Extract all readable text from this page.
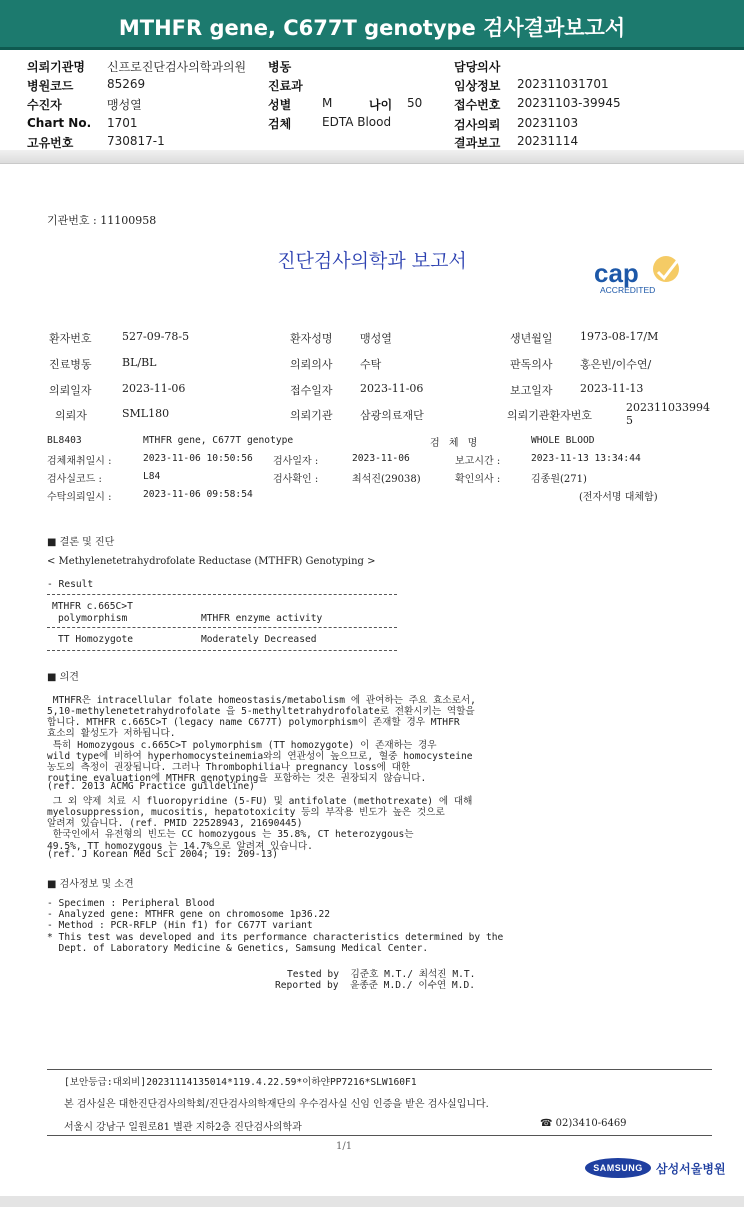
MTHFR gene, C677T genotype 검사결과보고서
의뢰기관명 신프로진단검사의학과의원
병원코드	85269
수진자	맹성열
Chart No. 1701
고유번호	730817-1
병동
진료과
성별	M	나이 50
검체	EDTA Blood
담당의사
임상정보 202311031701
접수번호 20231103-39945
검사의뢰 20231103
결과보고 20231114
기관번호 : 11100958
진단검사의학과 보고서	cap
ACCREDITED
환자번호	527-09-78-5	환자성명 맹성열	생년월일 1973-08-17/M
진료병동	BL/BL	의뢰의사 수탁	판독의사 홍은빈/이수연/
의뢰일자	2023-11-06	접수일자 2023-11-06	보고일자 2023-11-13
의뢰자	SML180	의뢰기관 삼광의료재단	의뢰기관환자번호
202311033994
5
BL8403	MTHFR gene, C677T genotype	검 체 명	WHOLE BLOOD
검체채취일시 :	2023-11-06 10:50:56 검사일자 :	2023-11-06	보고시간 :	2023-11-13 13:34:44
검사실코드 :	L84	검사확인 :	최석진(29038)	확인의사 :	김종원(271)
수탁의뢰일시 :	2023-11-06 09:58:54	(전자서명 대체함)
■ 결론 및 진단
< Methylenetetrahydrofolate Reductase (MTHFR) Genotyping >
- Result
MTHFR c.665C>T
polymorphism	MTHFR enzyme activity
TT Homozygote	Moderately Decreased
■ 의견
MTHFR은 intracellular folate homeostasis/metabolism 에 관여하는 주요 효소로서,
5,10-methylenetetrahydrofolate 을 5-methyltetrahydrofolate로 전환시키는 역할을
합니다. MTHFR c.665C>T (legacy name C677T) polymorphism이 존재할 경우 MTHFR
효소의 활성도가 저하됩니다.
특히 Homozygous c.665C>T polymorphism (TT homozygote) 이 존재하는 경우
wild type에 비하여 hyperhomocysteinemia와의 연관성이 높으므로, 혈중 homocysteine
농도의 측정이 권장됩니다. 그러나 Thrombophilia나 pregnancy loss에 대한
routine evaluation에 MTHFR genotyping을 포함하는 것은 권장되지 않습니다.
(ref. 2013 ACMG Practice guildeline)
그 외 약제 치료 시 fluoropyridine (5-FU) 및 antifolate (methotrexate) 에 대해
myelosuppression, mucositis, hepatotoxicity 등의 부작용 빈도가 높은 것으로
알려져 있습니다. (ref. PMID 22528943, 21690445)
한국인에서 유전형의 빈도는 CC homozygous 는 35.8%, CT heterozygous는
49.5%, TT homozygous 는 14.7%으로 알려져 있습니다.
(ref. J Korean Med Sci 2004; 19: 209-13)
■ 검사정보 및 소견
- Specimen : Peripheral Blood
- Analyzed gene: MTHFR gene on chromosome 1p36.22
- Method : PCR-RFLP (Hin f1) for C677T variant
* This test was developed and its performance characteristics determined by the
Dept. of Laboratory Medicine & Genetics, Samsung Medical Center.
Tested by  김준호 M.T./ 최석진 M.T.
Reported by  윤종준 M.D./ 이수연 M.D.
[보안등급:대외비]20231114135014*119.4.22.59*이하얀PP7216*SLW160F1
본 검사실은 대한진단검사의학회/진단검사의학재단의 우수검사실 신임 인증을 받은 검사실입니다.
서울시 강남구 일원로81 별관 지하2층 진단검사의학과	☎ 02)3410-6469
1/1
SAMSUNG	삼성서울병원
